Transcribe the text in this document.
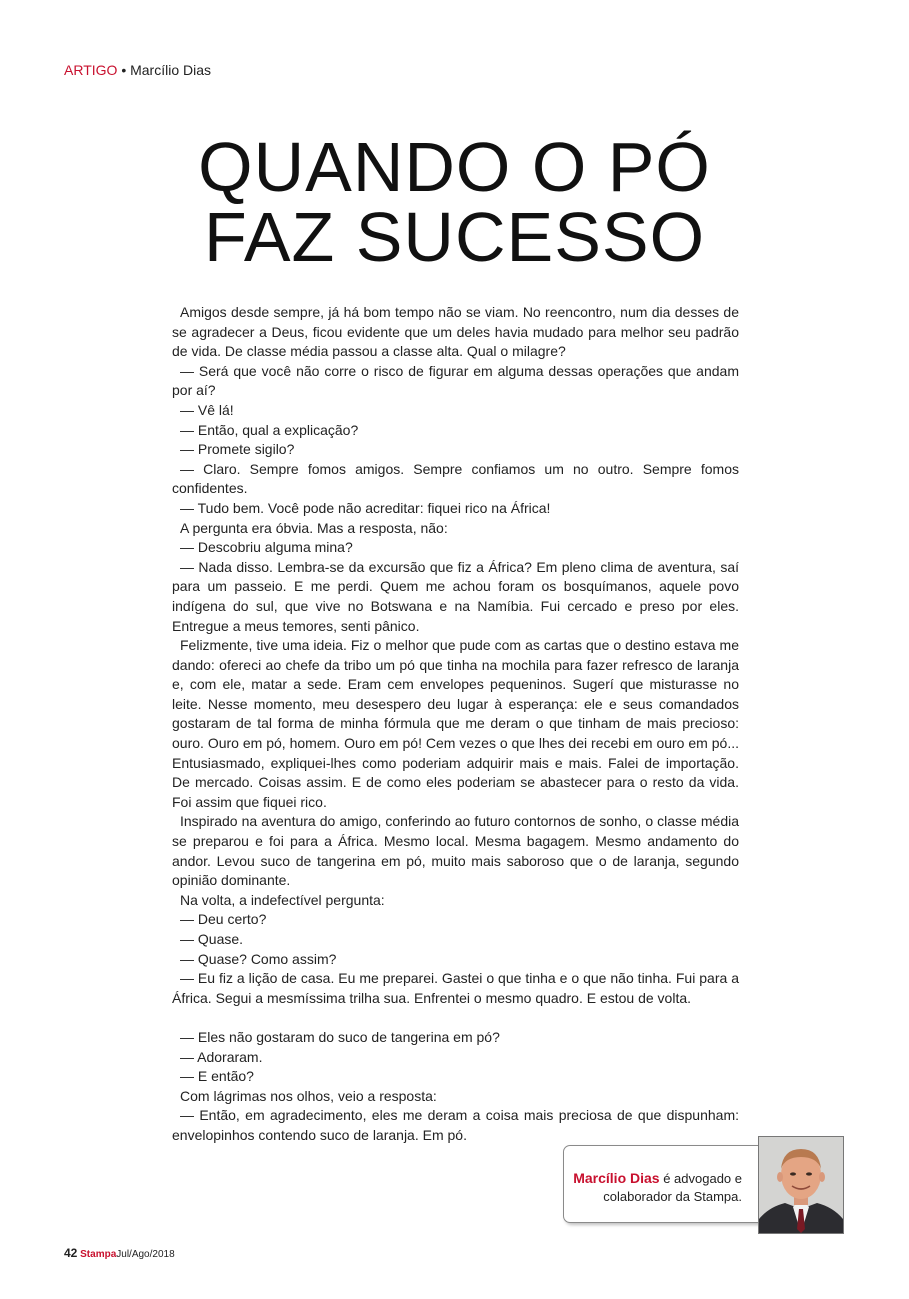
ARTIGO • Marcílio Dias
QUANDO O PÓ
FAZ SUCESSO

Amigos desde sempre, já há bom tempo não se viam. No reencontro, num dia desses de se agradecer a Deus, ficou evidente que um deles havia mudado para melhor seu padrão de vida. De classe média passou a classe alta. Qual o milagre?

— Será que você não corre o risco de figurar em alguma dessas operações que andam por aí?

— Vê lá!

— Então, qual a explicação?

— Promete sigilo?

— Claro. Sempre fomos amigos. Sempre confiamos um no outro. Sempre fomos confidentes.

— Tudo bem. Você pode não acreditar: fiquei rico na África!

A pergunta era óbvia. Mas a resposta, não:

— Descobriu alguma mina?

— Nada disso. Lembra-se da excursão que fiz a África? Em pleno clima de aventura, saí para um passeio. E me perdi. Quem me achou foram os bosquímanos, aquele povo indígena do sul, que vive no Botswana e na Namíbia. Fui cercado e preso por eles. Entregue a meus temores, senti pânico.

Felizmente, tive uma ideia. Fiz o melhor que pude com as cartas que o destino estava me dando: ofereci ao chefe da tribo um pó que tinha na mochila para fazer refresco de laranja e, com ele, matar a sede. Eram cem envelopes pequeninos. Sugerí que misturasse no leite. Nesse momento, meu desespero deu lugar à esperança: ele e seus comandados gostaram de tal forma de minha fórmula que me deram o que tinham de mais precioso: ouro. Ouro em pó, homem. Ouro em pó! Cem vezes o que lhes dei recebi em ouro em pó... Entusiasmado, expliquei-lhes como poderiam adquirir mais e mais. Falei de importação. De mercado. Coisas assim. E de como eles poderiam se abastecer para o resto da vida. Foi assim que fiquei rico.

Inspirado na aventura do amigo, conferindo ao futuro contornos de sonho, o classe média se preparou e foi para a África. Mesmo local. Mesma bagagem. Mesmo andamento do andor. Levou suco de tangerina em pó, muito mais saboroso que o de laranja, segundo opinião dominante.

Na volta, a indefectível pergunta:

— Deu certo?

— Quase.

— Quase? Como assim?

— Eu fiz a lição de casa. Eu me preparei. Gastei o que tinha e o que não tinha. Fui para a África. Segui a mesmíssima trilha sua. Enfrentei o mesmo quadro. E estou de volta.

— Eles não gostaram do suco de tangerina em pó?

— Adoraram.

— E então?

Com lágrimas nos olhos, veio a resposta:

— Então, em agradecimento, eles me deram a coisa mais preciosa de que dispunham: envelopinhos contendo suco de laranja. Em pó.

Marcílio Dias é advogado e
colaborador da Stampa.
42 StampaJul/Ago/2018
